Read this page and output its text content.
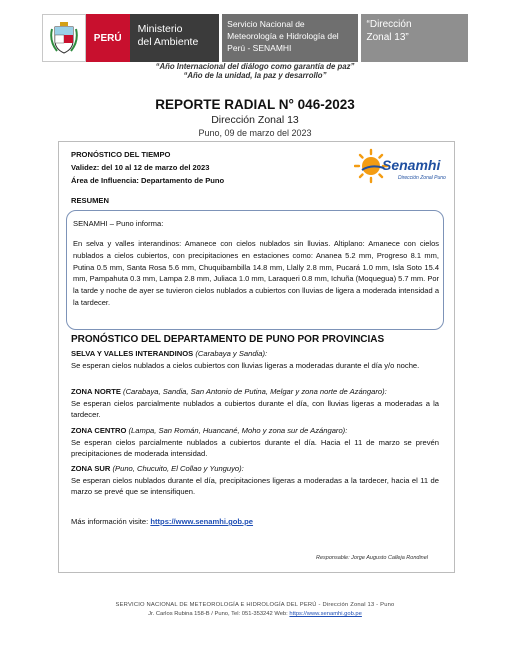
PERÚ
Ministerio
del Ambiente
Servicio Nacional de
Meteorología e Hidrología del
Perú - SENAMHI
“Dirección
Zonal 13”
“Año Internacional del diálogo como garantía de paz”
“Año de la unidad, la paz y desarrollo”
REPORTE RADIAL N° 046-2023
Dirección Zonal 13
Puno, 09 de marzo del 2023
PRONÓSTICO DEL TIEMPO
Validez: del 10 al 12 de marzo del 2023
Área de Influencia: Departamento de Puno
RESUMEN
Senamhi
Dirección Zonal Puno
SENAMHI – Puno informa:
En selva y valles interandinos: Amanece con cielos nublados sin lluvias. Altiplano: Amanece con cielos nublados a cielos cubiertos, con precipitaciones en estaciones como: Ananea 5.2 mm, Progreso 8.1 mm, Putina 0.5 mm, Santa Rosa 5.6 mm, Chuquibambilla 14.8 mm, Llally 2.8 mm, Pucará 1.0 mm, Isla Soto 15.4 mm, Pampahuta 0.3 mm, Lampa 2.8 mm, Juliaca 1.0 mm, Laraqueri 0.8 mm, Ichuña (Moquegua) 5.7 mm. Por la tarde y noche de ayer se tuvieron cielos nublados a cubiertos con lluvias de ligera a moderada intensidad a la tardecer.
PRONÓSTICO DEL DEPARTAMENTO DE PUNO POR PROVINCIAS
SELVA Y VALLES INTERANDINOS (Carabaya y Sandia):
Se esperan cielos nublados a cielos cubiertos con lluvias ligeras a moderadas durante el día y/o noche.
ZONA NORTE (Carabaya, Sandia, San Antonio de Putina, Melgar y zona norte de Azángaro):
Se esperan cielos parcialmente nublados a cubiertos durante el día, con lluvias ligeras a moderadas a la tardecer.
ZONA CENTRO (Lampa, San Román, Huancané, Moho y zona sur de Azángaro):
Se esperan cielos parcialmente nublados a cubiertos durante el día. Hacia el 11 de marzo se prevén precipitaciones de moderada intensidad.
ZONA SUR (Puno, Chucuito, El Collao y Yunguyo):
Se esperan cielos nublados durante el día, precipitaciones ligeras a moderadas a la tardecer, hacia el 11 de marzo se prevé que se intensifiquen.
Más información visite: https://www.senamhi.gob.pe
Responsable: Jorge Augusto Calleja Rondinel
SERVICIO NACIONAL DE METEOROLOGÍA E HIDROLOGÍA DEL PERÚ - Dirección Zonal 13 - Puno
Jr. Carlos Rubina 158-B / Puno, Tel: 051-353242 Web: https://www.senamhi.gob.pe
